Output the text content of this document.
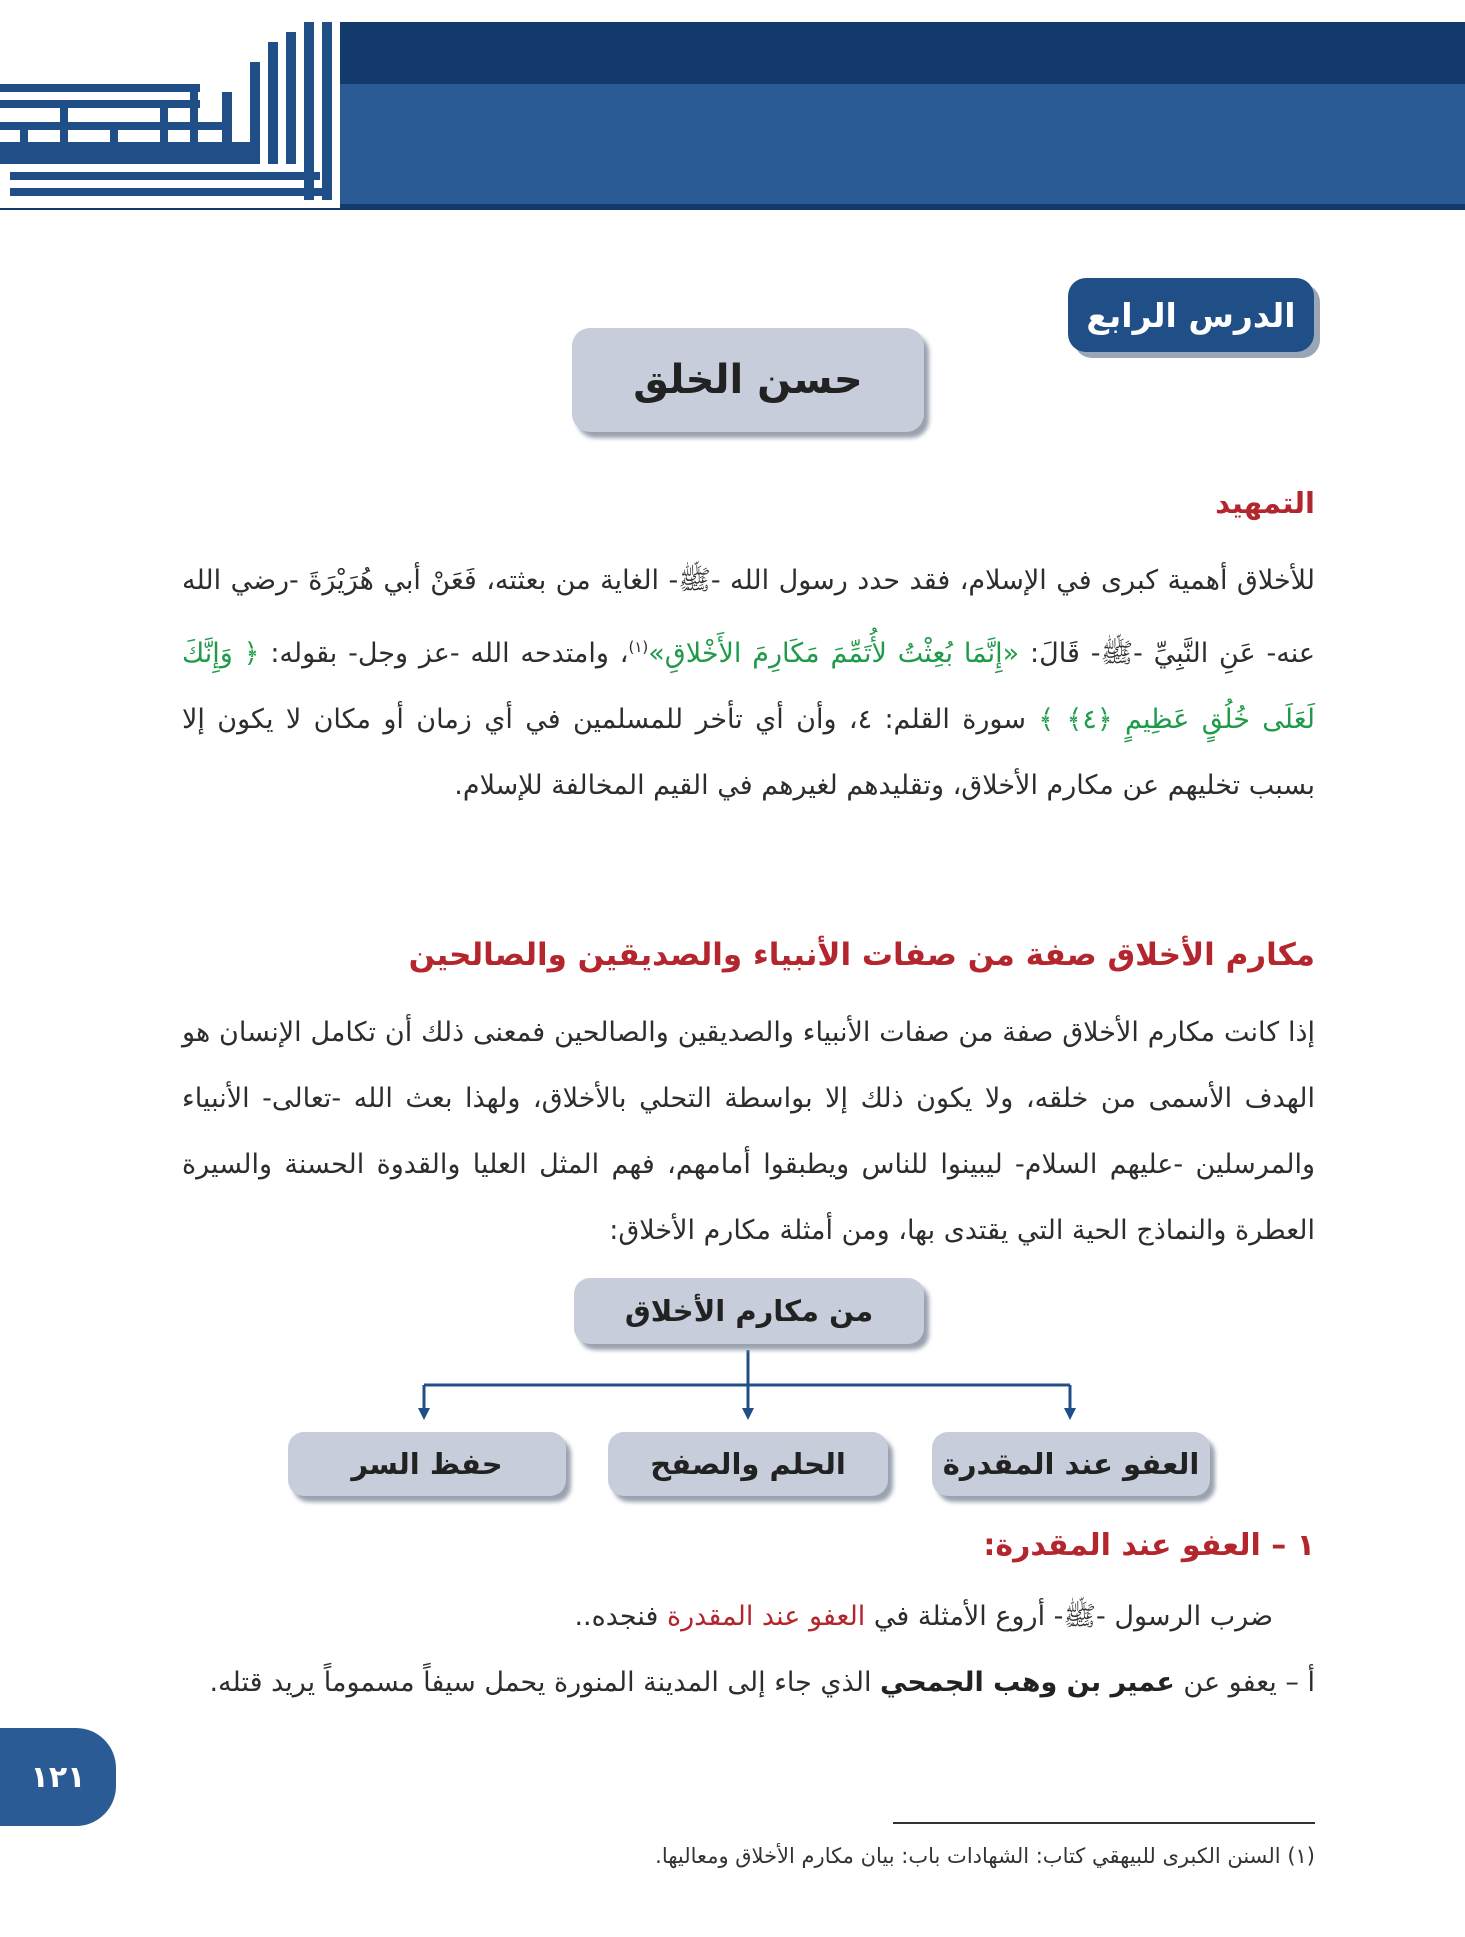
الدرس الرابع
حسن الخلق
التمهيد
للأخلاق أهمية كبرى في الإسلام، فقد حدد رسول الله -ﷺ- الغاية من بعثته، فَعَنْ أبي هُرَيْرَةَ -رضي الله عنه- عَنِ النَّبِيِّ -ﷺ- قَالَ: «إِنَّمَا بُعِثْتُ لأُتَمِّمَ مَكَارِمَ الأَخْلاقِ»$^{(١)}$، وامتدحه الله -عز وجل- بقوله: ﴿ وَإِنَّكَ لَعَلَى خُلُقٍ عَظِيمٍ ﴿٤﴾ ﴾ سورة القلم: ٤، وأن أي تأخر للمسلمين في أي زمان أو مكان لا يكون إلا بسبب تخليهم عن مكارم الأخلاق، وتقليدهم لغيرهم في القيم المخالفة للإسلام.
مكارم الأخلاق صفة من صفات الأنبياء والصديقين والصالحين
إذا كانت مكارم الأخلاق صفة من صفات الأنبياء والصديقين والصالحين فمعنى ذلك أن تكامل الإنسان هو الهدف الأسمى من خلقه، ولا يكون ذلك إلا بواسطة التحلي بالأخلاق، ولهذا بعث الله -تعالى- الأنبياء والمرسلين -عليهم السلام- ليبينوا للناس ويطبقوا أمامهم، فهم المثل العليا والقدوة الحسنة والسيرة العطرة والنماذج الحية التي يقتدى بها، ومن أمثلة مكارم الأخلاق:
من مكارم الأخلاق
العفو عند المقدرة
الحلم والصفح
حفظ السر
١ – العفو عند المقدرة:
ضرب الرسول -ﷺ- أروع الأمثلة في العفو عند المقدرة فنجده..
أ – يعفو عن عمير بن وهب الجمحي الذي جاء إلى المدينة المنورة يحمل سيفاً مسموماً يريد قتله.
١٢١
(١) السنن الكبرى للبيهقي كتاب: الشهادات باب: بيان مكارم الأخلاق ومعاليها.
